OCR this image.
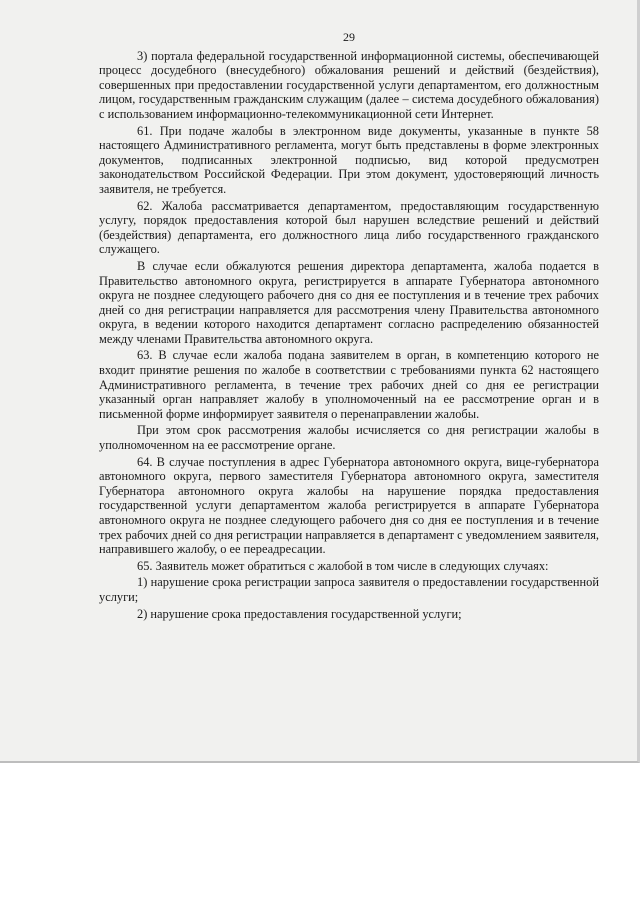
29

3) портала федеральной государственной информационной системы, обеспечивающей процесс досудебного (внесудебного) обжалования решений и действий (бездействия), совершенных при предоставлении государственной услуги департаментом, его должностным лицом, государственным гражданским служащим (далее – система досудебного обжалования) с использованием информационно-телекоммуникационной сети Интернет.

61. При подаче жалобы в электронном виде документы, указанные в пункте 58 настоящего Административного регламента, могут быть представлены в форме электронных документов, подписанных электронной подписью, вид которой предусмотрен законодательством Российской Федерации. При этом документ, удостоверяющий личность заявителя, не требуется.

62. Жалоба рассматривается департаментом, предоставляющим государственную услугу, порядок предоставления которой был нарушен вследствие решений и действий (бездействия) департамента, его должностного лица либо государственного гражданского служащего.

В случае если обжалуются решения директора департамента, жалоба подается в Правительство автономного округа, регистрируется в аппарате Губернатора автономного округа не позднее следующего рабочего дня со дня ее поступления и в течение трех рабочих дней со дня регистрации направляется для рассмотрения члену Правительства автономного округа, в ведении которого находится департамент согласно распределению обязанностей между членами Правительства автономного округа.

63. В случае если жалоба подана заявителем в орган, в компетенцию которого не входит принятие решения по жалобе в соответствии с требованиями пункта 62 настоящего Административного регламента, в течение трех рабочих дней со дня ее регистрации указанный орган направляет жалобу в уполномоченный на ее рассмотрение орган и в письменной форме информирует заявителя о перенаправлении жалобы.

При этом срок рассмотрения жалобы исчисляется со дня регистрации жалобы в уполномоченном на ее рассмотрение органе.

64. В случае поступления в адрес Губернатора автономного округа, вице-губернатора автономного округа, первого заместителя Губернатора автономного округа, заместителя Губернатора автономного округа жалобы на нарушение порядка предоставления государственной услуги департаментом жалоба регистрируется в аппарате Губернатора автономного округа не позднее следующего рабочего дня со дня ее поступления и в течение трех рабочих дней со дня регистрации направляется в департамент с уведомлением заявителя, направившего жалобу, о ее переадресации.

65. Заявитель может обратиться с жалобой в том числе в следующих случаях:

1) нарушение срока регистрации запроса заявителя о предоставлении государственной услуги;

2) нарушение срока предоставления государственной услуги;
